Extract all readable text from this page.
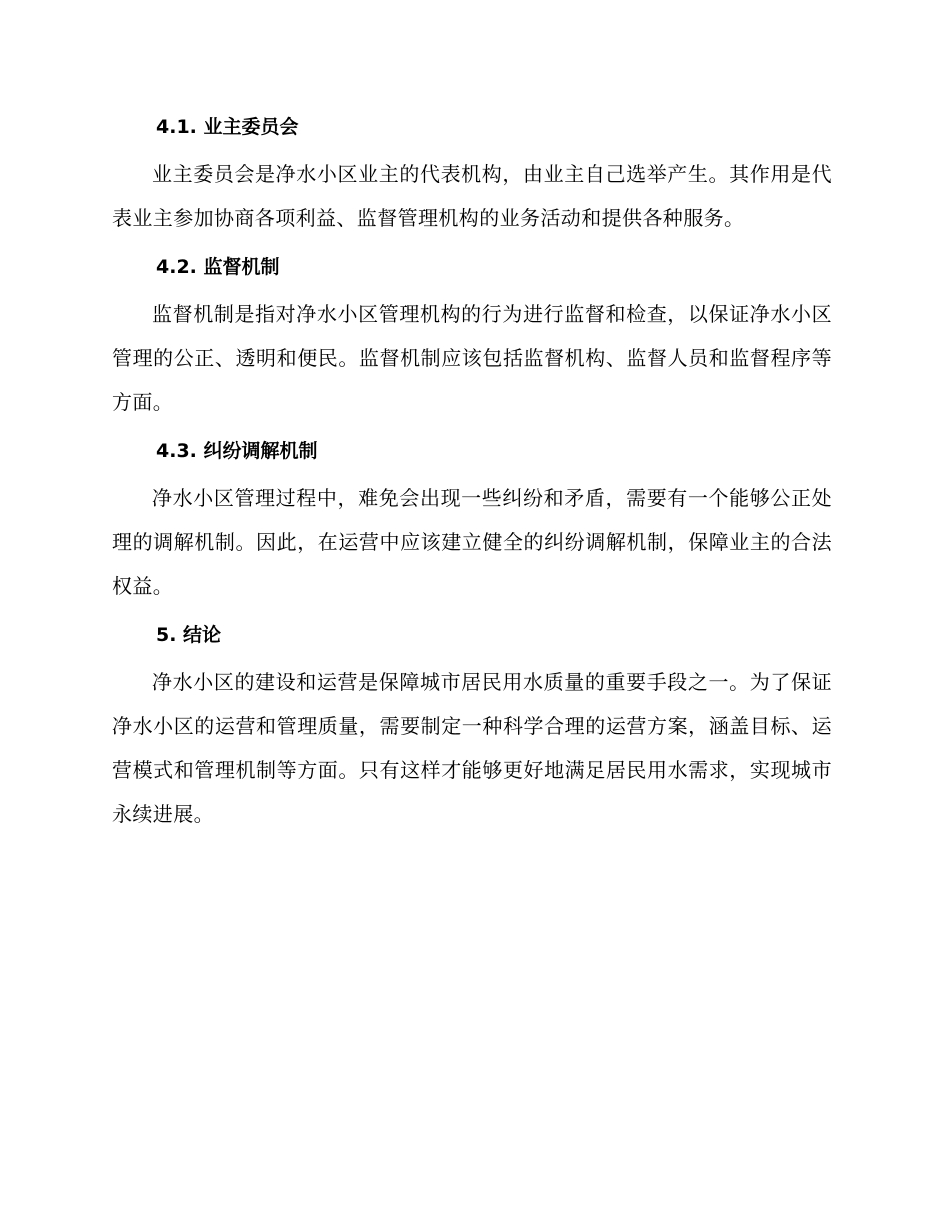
4.1. 业主委员会

业主委员会是净水小区业主的代表机构，由业主自己选举产生。其作用是代表业主参加协商各项利益、监督管理机构的业务活动和提供各种服务。

4.2. 监督机制

监督机制是指对净水小区管理机构的行为进行监督和检查，以保证净水小区管理的公正、透明和便民。监督机制应该包括监督机构、监督人员和监督程序等方面。

4.3. 纠纷调解机制

净水小区管理过程中，难免会出现一些纠纷和矛盾，需要有一个能够公正处理的调解机制。因此，在运营中应该建立健全的纠纷调解机制，保障业主的合法权益。

5. 结论

净水小区的建设和运营是保障城市居民用水质量的重要手段之一。为了保证净水小区的运营和管理质量，需要制定一种科学合理的运营方案，涵盖目标、运营模式和管理机制等方面。只有这样才能够更好地满足居民用水需求，实现城市永续进展。
